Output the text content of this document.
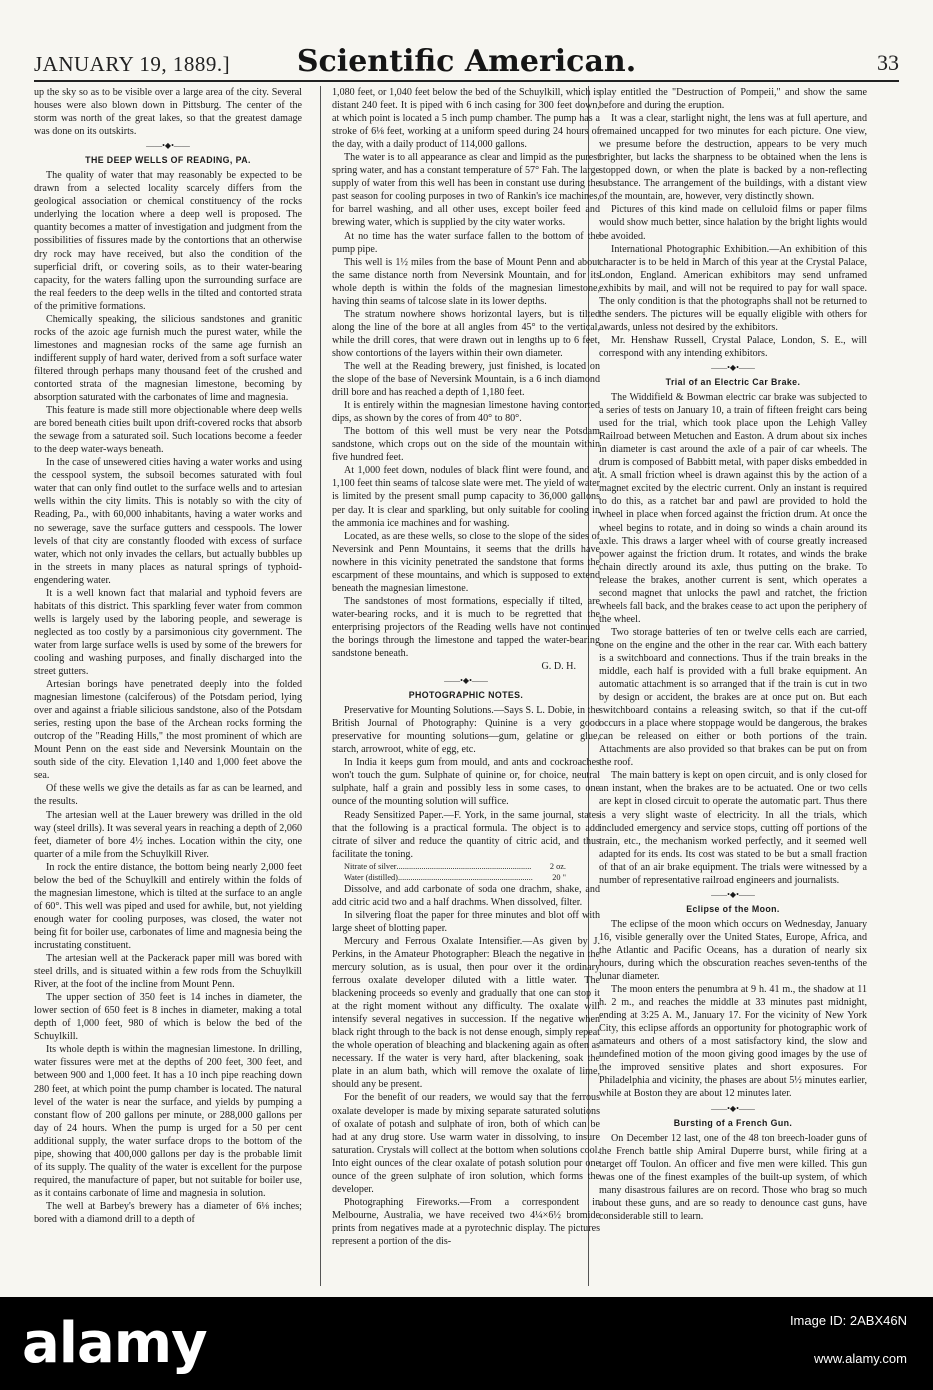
JANUARY 19, 1889.]	Scientific American.	33

up the sky so as to be visible over a large area of the city. Several houses were also blown down in Pittsburg. The center of the storm was north of the great lakes, so that the greatest damage was done on its outskirts.

——•◆•——
THE DEEP WELLS OF READING, PA.

The quality of water that may reasonably be expected to be drawn from a selected locality scarcely differs from the geological association or chemical constituency of the rocks underlying the location where a deep well is proposed. The quantity becomes a matter of investigation and judgment from the possibilities of fissures made by the contortions that an otherwise dry rock may have received, but also the condition of the superficial drift, or covering soils, as to their water-bearing capacity, for the waters falling upon the surrounding surface are the real feeders to the deep wells in the tilted and contorted strata of the primitive formations.

Chemically speaking, the silicious sandstones and granitic rocks of the azoic age furnish much the purest water, while the limestones and magnesian rocks of the same age furnish an indifferent supply of hard water, derived from a soft surface water filtered through perhaps many thousand feet of the crushed and contorted strata of the magnesian limestone, becoming by absorption saturated with the carbonates of lime and magnesia.

This feature is made still more objectionable where deep wells are bored beneath cities built upon drift-covered rocks that absorb the sewage from a saturated soil. Such locations become a feeder to the deep water-ways beneath.

In the case of unsewered cities having a water works and using the cesspool system, the subsoil becomes saturated with foul water that can only find outlet to the surface wells and to artesian wells within the city limits. This is notably so with the city of Reading, Pa., with 60,000 inhabitants, having a water works and no sewerage, save the surface gutters and cesspools. The lower levels of that city are constantly flooded with excess of surface water, which not only invades the cellars, but actually bubbles up in the streets in many places as natural springs of typhoid-engendering water.

It is a well known fact that malarial and typhoid fevers are habitats of this district. This sparkling fever water from common wells is largely used by the laboring people, and sewerage is neglected as too costly by a parsimonious city government. The water from large surface wells is used by some of the brewers for cooling and washing purposes, and finally discharged into the street gutters.

Artesian borings have penetrated deeply into the folded magnesian limestone (calciferous) of the Potsdam period, lying over and against a friable silicious sandstone, also of the Potsdam series, resting upon the base of the Archean rocks forming the outcrop of the "Reading Hills," the most prominent of which are Mount Penn on the east side and Neversink Mountain on the south side of the city. Elevation 1,140 and 1,000 feet above the sea.

Of these wells we give the details as far as can be learned, and the results.

The artesian well at the Lauer brewery was drilled in the old way (steel drills). It was several years in reaching a depth of 2,060 feet, diameter of bore 4½ inches. Location within the city, one quarter of a mile from the Schuylkill River.

In rock the entire distance, the bottom being nearly 2,000 feet below the bed of the Schuylkill and entirely within the folds of the magnesian limestone, which is tilted at the surface to an angle of 60°. This well was piped and used for awhile, but, not yielding enough water for cooling purposes, was closed, the water not being fit for boiler use, carbonates of lime and magnesia being the incrustating constituent.

The artesian well at the Packerack paper mill was bored with steel drills, and is situated within a few rods from the Schuylkill River, at the foot of the incline from Mount Penn.

The upper section of 350 feet is 14 inches in diameter, the lower section of 650 feet is 8 inches in diameter, making a total depth of 1,000 feet, 980 of which is below the bed of the Schuylkill.

Its whole depth is within the magnesian limestone. In drilling, water fissures were met at the depths of 200 feet, 300 feet, and between 900 and 1,000 feet. It has a 10 inch pipe reaching down 280 feet, at which point the pump chamber is located. The natural level of the water is near the surface, and yields by pumping a constant flow of 200 gallons per minute, or 288,000 gallons per day of 24 hours. When the pump is urged for a 50 per cent additional supply, the water surface drops to the bottom of the pipe, showing that 400,000 gallons per day is the probable limit of its supply. The quality of the water is excellent for the purpose required, the manufacture of paper, but not suitable for boiler use, as it contains carbonate of lime and magnesia in solution.

The well at Barbey's brewery has a diameter of 6⅛ inches; bored with a diamond drill to a depth of

1,080 feet, or 1,040 feet below the bed of the Schuylkill, which is distant 240 feet. It is piped with 6 inch casing for 300 feet down, at which point is located a 5 inch pump chamber. The pump has a stroke of 6⅛ feet, working at a uniform speed during 24 hours of the day, with a daily product of 114,000 gallons.

The water is to all appearance as clear and limpid as the purest spring water, and has a constant temperature of 57° Fah. The large supply of water from this well has been in constant use during the past season for cooling purposes in two of Rankin's ice machines, for barrel washing, and all other uses, except boiler feed and brewing water, which is supplied by the city water works.

At no time has the water surface fallen to the bottom of the pump pipe.

This well is 1½ miles from the base of Mount Penn and about the same distance north from Neversink Mountain, and for its whole depth is within the folds of the magnesian limestone, having thin seams of talcose slate in its lower depths.

The stratum nowhere shows horizontal layers, but is tilted along the line of the bore at all angles from 45° to the vertical, while the drill cores, that were drawn out in lengths up to 6 feet, show contortions of the layers within their own diameter.

The well at the Reading brewery, just finished, is located on the slope of the base of Neversink Mountain, is a 6 inch diamond drill bore and has reached a depth of 1,180 feet.

It is entirely within the magnesian limestone having contorted dips, as shown by the cores of from 40° to 80°.

The bottom of this well must be very near the Potsdam sandstone, which crops out on the side of the mountain within five hundred feet.

At 1,000 feet down, nodules of black flint were found, and at 1,100 feet thin seams of talcose slate were met. The yield of water is limited by the present small pump capacity to 36,000 gallons per day. It is clear and sparkling, but only suitable for cooling in the ammonia ice machines and for washing.

Located, as are these wells, so close to the slope of the sides of Neversink and Penn Mountains, it seems that the drills have nowhere in this vicinity penetrated the sandstone that forms the escarpment of these mountains, and which is supposed to extend beneath the magnesian limestone.

The sandstones of most formations, especially if tilted, are water-bearing rocks, and it is much to be regretted that the enterprising projectors of the Reading wells have not continued the borings through the limestone and tapped the water-bearing sandstone beneath.

G. D. H.

——•◆•——
PHOTOGRAPHIC NOTES.

Preservative for Mounting Solutions.—Says S. L. Dobie, in the British Journal of Photography: Quinine is a very good preservative for mounting solutions—gum, gelatine or glue, starch, arrowroot, white of egg, etc.

In India it keeps gum from mould, and ants and cockroaches won't touch the gum. Sulphate of quinine or, for choice, neutral sulphate, half a grain and possibly less in some cases, to one ounce of the mounting solution will suffice.

Ready Sensitized Paper.—F. York, in the same journal, states that the following is a practical formula. The object is to add citrate of silver and reduce the quantity of citric acid, and thus facilitate the toning.

Nitrate of silver .................................................................	2 oz.
Water (distilled) .................................................................	20 "

Dissolve, and add carbonate of soda one drachm, shake, and add citric acid two and a half drachms. When dissolved, filter.

In silvering float the paper for three minutes and blot off with large sheet of blotting paper.

Mercury and Ferrous Oxalate Intensifier.—As given by J. Perkins, in the Amateur Photographer: Bleach the negative in the mercury solution, as is usual, then pour over it the ordinary ferrous oxalate developer diluted with a little water. The blackening proceeds so evenly and gradually that one can stop it at the right moment without any difficulty. The oxalate will intensify several negatives in succession. If the negative when black right through to the back is not dense enough, simply repeat the whole operation of bleaching and blackening again as often as necessary. If the water is very hard, after blackening, soak the plate in an alum bath, which will remove the oxalate of lime, should any be present.

For the benefit of our readers, we would say that the ferrous oxalate developer is made by mixing separate saturated solutions of oxalate of potash and sulphate of iron, both of which can be had at any drug store. Use warm water in dissolving, to insure saturation. Crystals will collect at the bottom when solutions cool. Into eight ounces of the clear oxalate of potash solution pour one ounce of the green sulphate of iron solution, which forms the developer.

Photographing Fireworks.—From a correspondent in Melbourne, Australia, we have received two 4¼×6½ bromide prints from negatives made at a pyrotechnic display. The pictures represent a portion of the dis-

play entitled the "Destruction of Pompeii," and show the same before and during the eruption.

It was a clear, starlight night, the lens was at full aperture, and remained uncapped for two minutes for each picture. One view, we presume before the destruction, appears to be very much brighter, but lacks the sharpness to be obtained when the lens is stopped down, or when the plate is backed by a non-reflecting substance. The arrangement of the buildings, with a distant view of the mountain, are, however, very distinctly shown.

Pictures of this kind made on celluloid films or paper films would show much better, since halation by the bright lights would be avoided.

International Photographic Exhibition.—An exhibition of this character is to be held in March of this year at the Crystal Palace, London, England. American exhibitors may send unframed exhibits by mail, and will not be required to pay for wall space. The only condition is that the photographs shall not be returned to the senders. The pictures will be equally eligible with others for awards, unless not desired by the exhibitors.

Mr. Henshaw Russell, Crystal Palace, London, S. E., will correspond with any intending exhibitors.

——•◆•——
Trial of an Electric Car Brake.

The Widdifield & Bowman electric car brake was subjected to a series of tests on January 10, a train of fifteen freight cars being used for the trial, which took place upon the Lehigh Valley Railroad between Metuchen and Easton. A drum about six inches in diameter is cast around the axle of a pair of car wheels. The drum is composed of Babbitt metal, with paper disks embedded in it. A small friction wheel is drawn against this by the action of a magnet excited by the electric current. Only an instant is required to do this, as a ratchet bar and pawl are provided to hold the wheel in place when forced against the friction drum. At once the wheel begins to rotate, and in doing so winds a chain around its axle. This draws a larger wheel with of course greatly increased power against the friction drum. It rotates, and winds the brake chain directly around its axle, thus putting on the brake. To release the brakes, another current is sent, which operates a second magnet that unlocks the pawl and ratchet, the friction wheels fall back, and the brakes cease to act upon the periphery of the wheel.

Two storage batteries of ten or twelve cells each are carried, one on the engine and the other in the rear car. With each battery is a switchboard and connections. Thus if the train breaks in the middle, each half is provided with a full brake equipment. An automatic attachment is so arranged that if the train is cut in two by design or accident, the brakes are at once put on. But each switchboard contains a releasing switch, so that if the cut-off occurs in a place where stoppage would be dangerous, the brakes can be released on either or both portions of the train. Attachments are also provided so that brakes can be put on from the roof.

The main battery is kept on open circuit, and is only closed for an instant, when the brakes are to be actuated. One or two cells are kept in closed circuit to operate the automatic part. Thus there is a very slight waste of electricity. In all the trials, which included emergency and service stops, cutting off portions of the train, etc., the mechanism worked perfectly, and it seemed well adapted for its ends. Its cost was stated to be but a small fraction of that of an air brake equipment. The trials were witnessed by a number of representative railroad engineers and journalists.

——•◆•——
Eclipse of the Moon.

The eclipse of the moon which occurs on Wednesday, January 16, visible generally over the United States, Europe, Africa, and the Atlantic and Pacific Oceans, has a duration of nearly six hours, during which the obscuration reaches seven-tenths of the lunar diameter.

The moon enters the penumbra at 9 h. 41 m., the shadow at 11 h. 2 m., and reaches the middle at 33 minutes past midnight, ending at 3:25 A. M., January 17. For the vicinity of New York City, this eclipse affords an opportunity for photographic work of amateurs and others of a most satisfactory kind, the slow and undefined motion of the moon giving good images by the use of the improved sensitive plates and short exposures. For Philadelphia and vicinity, the phases are about 5½ minutes earlier, while at Boston they are about 12 minutes later.

——•◆•——
Bursting of a French Gun.

On December 12 last, one of the 48 ton breech-loader guns of the French battle ship Amiral Duperre burst, while firing at a target off Toulon. An officer and five men were killed. This gun was one of the finest examples of the built-up system, of which many disastrous failures are on record. Those who brag so much about these guns, and are so ready to denounce cast guns, have considerable still to learn.

alamy	Image ID: 2ABX46N
www.alamy.com
